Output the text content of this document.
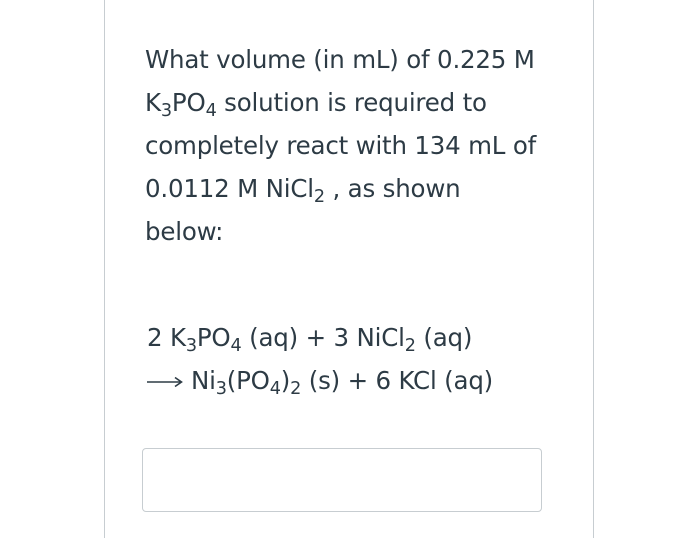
What volume (in mL) of 0.225 M

$K_3PO_4$ solution is required to

completely react with 134 mL of

0.0112 M NiCl$_2$ , as shown

below:

2 $K_3PO_4$ (aq) + 3 NiCl$_2$ (aq)
$Ni_3(PO_4)_2$ (s) + 6 KCl (aq)
